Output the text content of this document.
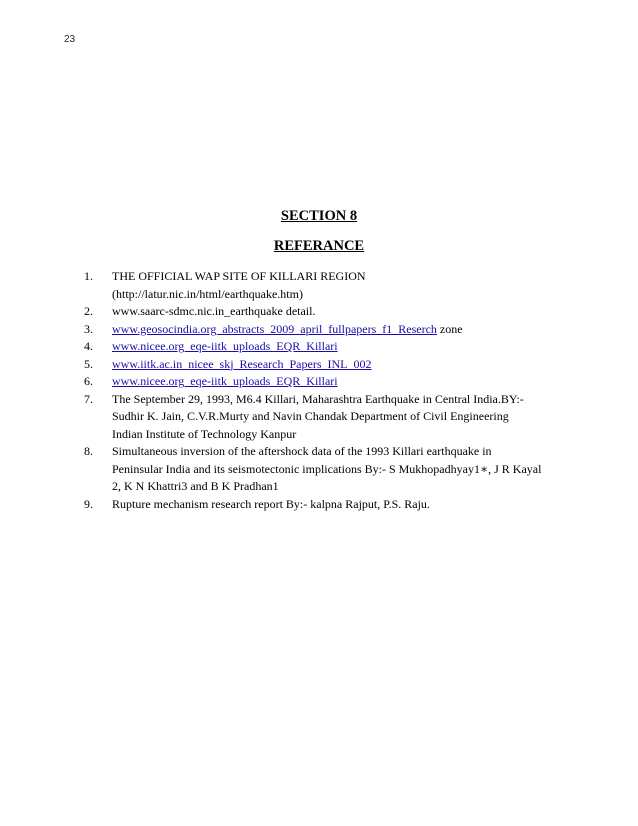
23
SECTION 8
REFERANCE
1. THE OFFICIAL WAP SITE OF KILLARI REGION
(http://latur.nic.in/html/earthquake.htm)
2. www.saarc-sdmc.nic.in_earthquake detail.
3. www.geosocindia.org_abstracts_2009_april_fullpapers_f1_Reserch zone
4. www.nicee.org_eqe-iitk_uploads_EQR_Killari
5. www.iitk.ac.in_nicee_skj_Research_Papers_INL_002
6. www.nicee.org_eqe-iitk_uploads_EQR_Killari
7. The September 29, 1993, M6.4 Killari, Maharashtra Earthquake in Central India.BY:-
Sudhir K. Jain, C.V.R.Murty and Navin Chandak Department of Civil Engineering
Indian Institute of Technology Kanpur
8. Simultaneous inversion of the aftershock data of the 1993 Killari earthquake in
Peninsular India and its seismotectonic implications By:- S Mukhopadhyay1∗, J R Kayal
2, K N Khattri3 and B K Pradhan1
9. Rupture mechanism research report By:- kalpna Rajput, P.S. Raju.
